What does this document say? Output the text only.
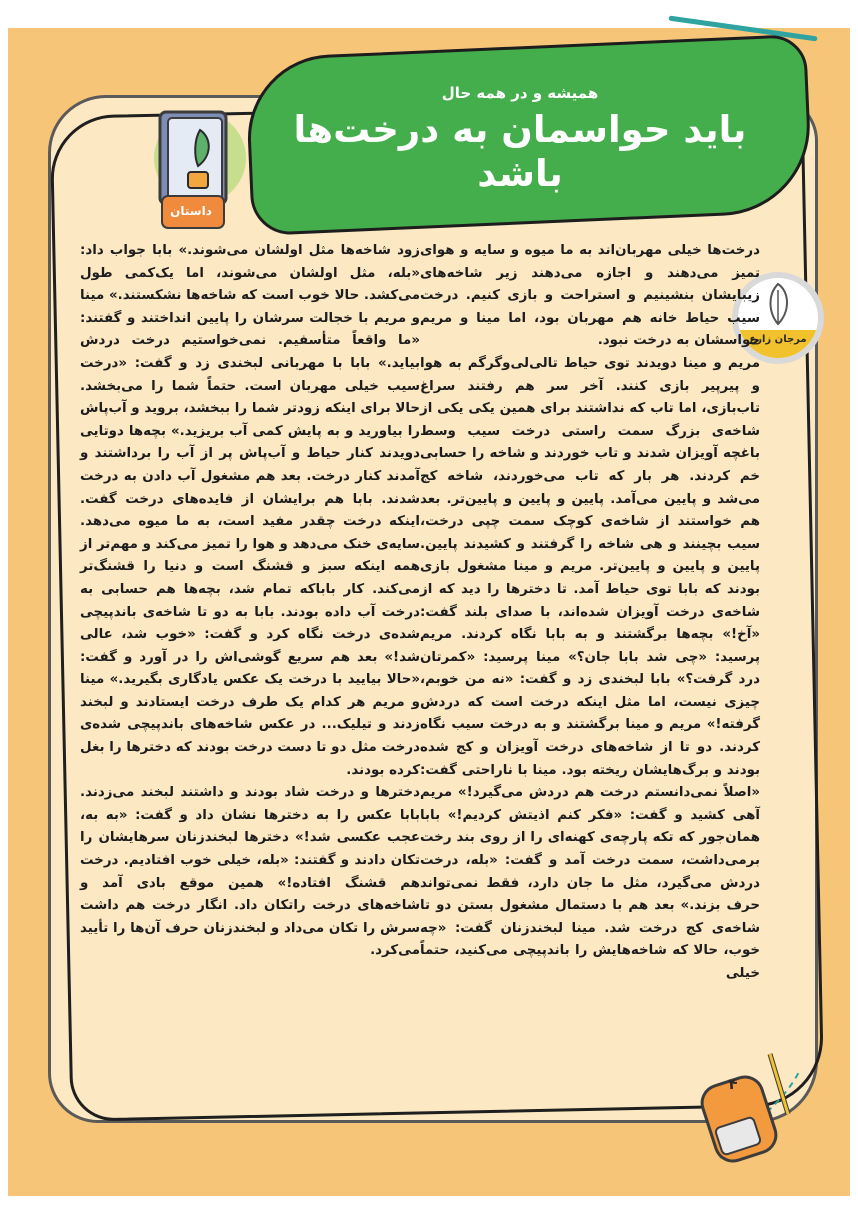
همیشه و در همه حال
باید حواسمان به درخت‌ها باشد
داستان
مرجان زارع

درخت‌ها خیلی مهربان‌اند به ما میوه و سایه و هوای تمیز می‌دهند و اجازه می‌دهند زیر شاخه‌های زیبایشان بنشینیم و استراحت و بازی کنیم. درخت سیب حیاط خانه هم مهربان بود، اما مینا و مریم حواسشان به درخت نبود.

مریم و مینا دویدند توی حیاط تالی‌لی‌وگرگم به هوا و پیرپیر بازی کنند. آخر سر هم رفتند سراغ تاب‌بازی، اما تاب که نداشتند برای همین یکی یکی از شاخه‌ی بزرگ سمت راستی درخت سیب وسط باغچه آویزان شدند و تاب خوردند و شاخه را حسابی خم کردند. هر بار که تاب می‌خوردند، شاخه کج می‌شد و پایین می‌آمد. پایین و پایین و پایین‌تر. بعد هم خواستند از شاخه‌ی کوچک سمت چپی درخت، سیب بچینند و هی شاخه را گرفتند و کشیدند پایین. پایین و پایین و پایین‌تر. مریم و مینا مشغول بازی بودند که بابا توی حیاط آمد. تا دخترها را دید که از شاخه‌ی درخت آویزان شده‌اند، با صدای بلند گفت: «آخ!» بچه‌ها برگشتند و به بابا نگاه کردند. مریم پرسید: «چی شد بابا جان؟» مینا پرسید: «کمرتان درد گرفت؟» بابا لبخندی زد و گفت: «نه من خوبم، چیزی نیست، اما مثل اینکه درخت است که دردش گرفته!» مریم و مینا برگشتند و به درخت سیب نگاه کردند. دو تا از شاخه‌های درخت آویزان و کج شده بودند و برگ‌هایشان ریخته بود. مینا با ناراحتی گفت: «اصلاً نمی‌دانستم درخت هم دردش می‌گیرد!» مریم آهی کشید و گفت: «فکر کنم اذیتش کردیم!» بابا همان‌جور که تکه پارچه‌ی کهنه‌ای را از روی بند رخت برمی‌داشت، سمت درخت آمد و گفت: «بله، درخت دردش می‌گیرد، مثل ما جان دارد، فقط نمی‌تواند حرف بزند.» بعد هم با دستمال مشغول بستن دو تا شاخه‌ی کج درخت شد. مینا لبخندزنان گفت: «چه خوب، حالا که شاخه‌هایش را باندپیچی می‌کنید، حتماً خیلی

زود شاخه‌ها مثل اولشان می‌شوند.» بابا جواب داد: «بله، مثل اولشان می‌شوند، اما یک‌کمی طول می‌کشد. حالا خوب است که شاخه‌ها نشکستند.» مینا و مریم با خجالت سرشان را پایین انداختند و گفتند: «ما واقعاً متأسفیم. نمی‌خواستیم درخت دردش بیاید.» بابا با مهربانی لبخندی زد و گفت: «درخت سیب خیلی مهربان است. حتماً شما را می‌بخشد. حالا برای اینکه زودتر شما را ببخشد، بروید و آب‌پاش را بیاورید و به پایش کمی آب بریزید.» بچه‌ها دوتایی دویدند کنار حیاط و آب‌پاش پر از آب را برداشتند و آمدند کنار درخت. بعد هم مشغول آب دادن به درخت شدند. بابا هم برایشان از فایده‌های درخت گفت. اینکه درخت چقدر مفید است، به ما میوه می‌دهد. سایه‌ی خنک می‌دهد و هوا را تمیز می‌کند و مهم‌تر از همه اینکه سبز و قشنگ است و دنیا را قشنگ‌تر می‌کند. کار باباکه تمام شد، بچه‌ها هم حسابی به درخت آب داده بودند. بابا به دو تا شاخه‌ی باندپیچی شده‌ی درخت نگاه کرد و گفت: «خوب شد، عالی شد!» بعد هم سریع گوشی‌اش را در آورد و گفت: «حالا بیایید با درخت یک عکس یادگاری بگیرید.» مینا و مریم هر کدام یک طرف درخت ایستادند و لبخند زدند و تیلیک... در عکس شاخه‌های باندپیچی شده‌ی درخت مثل دو تا دست درخت بودند که دخترها را بغل کرده بودند.

دخترها و درخت شاد بودند و داشتند لبخند می‌زدند. بابا عکس را به دخترها نشان داد و گفت: «به به، عجب عکسی شد!» دخترها لبخندزنان سرهایشان را تکان دادند و گفتند: «بله، خیلی خوب افتادیم. درخت هم قشنگ افتاده!» همین موقع بادی آمد و شاخه‌های درخت راتکان داد. انگار درخت هم داشت سرش را تکان می‌داد و لبخندزنان حرف آن‌ها را تأیید می‌کرد.

۴
